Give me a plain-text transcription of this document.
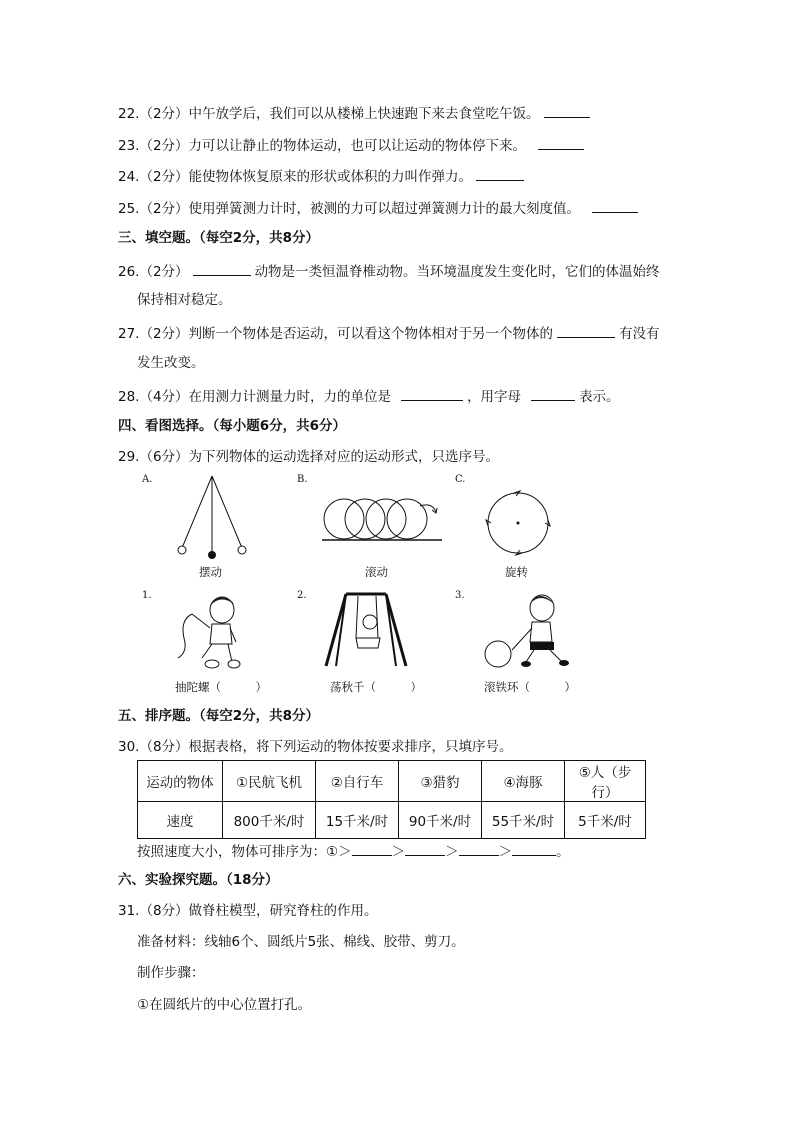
22.（2分）中午放学后，我们可以从楼梯上快速跑下来去食堂吃午饭。
23.（2分）力可以让静止的物体运动，也可以让运动的物体停下来。
24.（2分）能使物体恢复原来的形状或体积的力叫作弹力。
25.（2分）使用弹簧测力计时，被测的力可以超过弹簧测力计的最大刻度值。
三、填空题。（每空2分，共8分）
26.（2分）	动物是一类恒温脊椎动物。当环境温度发生变化时，它们的体温始终
保持相对稳定。
27.（2分）判断一个物体是否运动，可以看这个物体相对于另一个物体的	有没有
发生改变。
28.（4分）在用测力计测量力时，力的单位是	，用字母	表示。
四、看图选择。（每小题6分，共6分）
29.（6分）为下列物体的运动选择对应的运动形式，只选序号。
A.	B.	C.
摆动	滚动	旋转
1.	2.	3.
抽陀螺（　　　）	荡秋千（　　　）	滚铁环（　　　）
五、排序题。（每空2分，共8分）
30.（8分）根据表格，将下列运动的物体按要求排序，只填序号。
运动的物体	①民航飞机	②自行车	③猎豹	④海豚	⑤人（步行）
速度	800千米/时	15千米/时	90千米/时	55千米/时	5千米/时
按照速度大小，物体可排序为：①＞	＞	＞	＞	。
六、实验探究题。（18分）
31.（8分）做脊柱模型，研究脊柱的作用。
准备材料：线轴6个、圆纸片5张、棉线、胶带、剪刀。
制作步骤：
①在圆纸片的中心位置打孔。
